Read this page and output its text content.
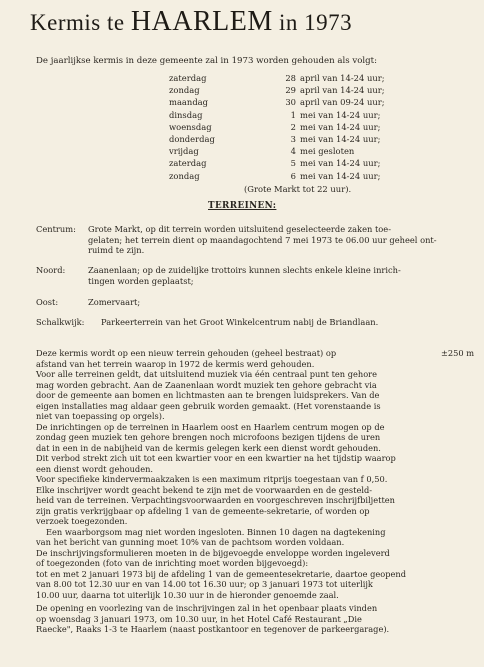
Kermis te HAARLEM in 1973
De jaarlijkse kermis in deze gemeente zal in 1973 worden gehouden als volgt:
zaterdag	28 april van 14-24 uur;
zondag	29 april van 14-24 uur;
maandag	30 april van 09-24 uur;
dinsdag	1 mei van 14-24 uur;
woensdag	2 mei van 14-24 uur;
donderdag	3 mei van 14-24 uur;
vrijdag	4 mei gesloten
zaterdag	5 mei van 14-24 uur;
zondag	6 mei van 14-24 uur;
(Grote Markt tot 22 uur).
TERREINEN:
Centrum: Grote Markt, op dit terrein worden uitsluitend geselecteerde zaken toe-
gelaten; het terrein dient op maandagochtend 7 mei 1973 te 06.00 uur geheel ont-
ruimd te zijn.
Noord:	Zaanenlaan; op de zuidelijke trottoirs kunnen slechts enkele kleine inrich-
tingen worden geplaatst;
Oost:	Zomervaart;
Schalkwijk: Parkeerterrein van het Groot Winkelcentrum nabij de Briandlaan.
±250 m
Deze kermis wordt op een nieuw terrein gehouden (geheel bestraat) op
afstand van het terrein waarop in 1972 de kermis werd gehouden.
Voor alle terreinen geldt, dat uitsluitend muziek via één centraal punt ten gehore
mag worden gebracht. Aan de Zaanenlaan wordt muziek ten gehore gebracht via
door de gemeente aan bomen en lichtmasten aan te brengen luidsprekers. Van de
eigen installaties mag aldaar geen gebruik worden gemaakt. (Het vorenstaande is
niet van toepassing op orgels).
De inrichtingen op de terreinen in Haarlem oost en Haarlem centrum mogen op de
zondag geen muziek ten gehore brengen noch microfoons bezigen tijdens de uren
dat in een in de nabijheid van de kermis gelegen kerk een dienst wordt gehouden.
Dit verbod strekt zich uit tot een kwartier voor en een kwartier na het tijdstip waarop
een dienst wordt gehouden.
Voor specifieke kindervermaakzaken is een maximum ritprijs toegestaan van f 0,50.
Elke inschrijver wordt geacht bekend te zijn met de voorwaarden en de gesteld-
heid van de terreinen. Verpachtingsvoorwaarden en voorgeschreven inschrijfbiljetten
zijn gratis verkrijgbaar op afdeling 1 van de gemeente-sekretarie, of worden op
verzoek toegezonden.
Een waarborgsom mag niet worden ingesloten. Binnen 10 dagen na dagtekening
van het bericht van gunning moet 10% van de pachtsom worden voldaan.
De inschrijvingsformulieren moeten in de bijgevoegde enveloppe worden ingeleverd
of toegezonden (foto van de inrichting moet worden bijgevoegd):
tot en met 2 januari 1973 bij de afdeling 1 van de gemeentesekretarie, daartoe geopend
van 8.00 tot 12.30 uur en van 14.00 tot 16.30 uur; op 3 januari 1973 tot uiterlijk
10.00 uur, daarna tot uiterlijk 10.30 uur in de hieronder genoemde zaal.
De opening en voorlezing van de inschrijvingen zal in het openbaar plaats vinden
op woensdag 3 januari 1973, om 10.30 uur, in het Hotel Café Restaurant „Die
Raecke", Raaks 1-3 te Haarlem (naast postkantoor en tegenover de parkeergarage).
